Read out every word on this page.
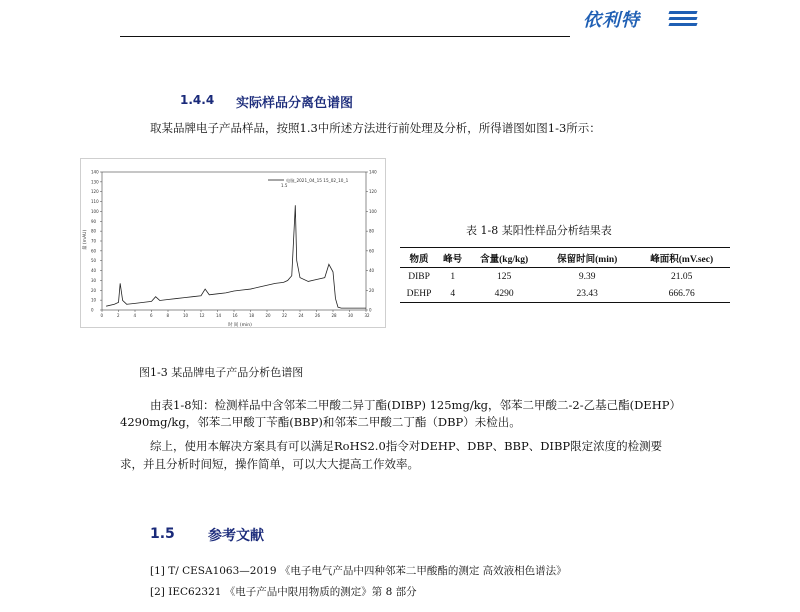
依利特
1.4.4 实际样品分离色谱图
取某品牌电子产品样品，按照1.3中所述方法进行前处理及分析，所得谱图如图1-3所示：
0	2	4	6	8	10	12	14	16	18	20	22	24	26	28	30	32
140
130
120
110
100
90
80
70
60
50
40
30
20
10
0
140
120
100
80
60
40
20
0
电脑_2021_04_15 15_02_10_1
1.5
量 (mAU)
时 间 (min)
表 1-8 某阳性样品分析结果表
物质	峰号	含量(kg/kg)	保留时间(min)	峰面积(mV.sec)
DIBP	1	125	9.39	21.05
DEHP	4	4290	23.43	666.76
图1-3 某品牌电子产品分析色谱图
由表1-8知：检测样品中含邻苯二甲酸二异丁酯(DIBP) 125mg/kg，邻苯二甲酸二-2-乙基己酯(DEHP）
4290mg/kg，邻苯二甲酸丁苄酯(BBP)和邻苯二甲酸二丁酯（DBP）未检出。
综上，使用本解决方案具有可以满足RoHS2.0指令对DEHP、DBP、BBP、DIBP限定浓度的检测要
求，并且分析时间短，操作简单，可以大大提高工作效率。
1.5 参考文献
[1] T/ CESA1063—2019 《电子电气产品中四种邻苯二甲酸酯的测定 高效液相色谱法》
[2] IEC62321 《电子产品中限用物质的测定》第 8 部分
